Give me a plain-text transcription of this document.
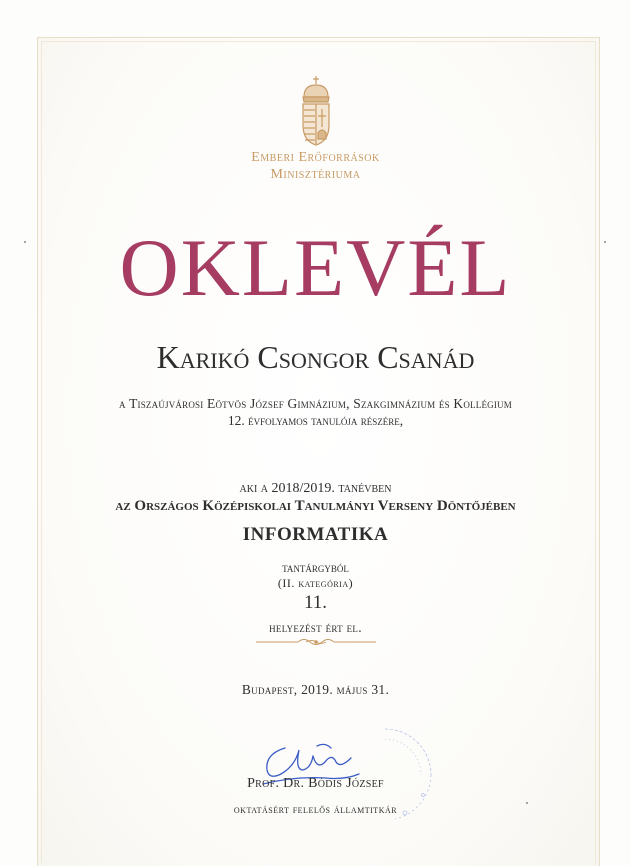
Emberi Erőforrások
Minisztériuma
OKLEVÉL
Karikó Csongor Csanád
a Tiszaújvárosi Eötvös József Gimnázium, Szakgimnázium és Kollégium
12. évfolyamos tanulója részére,
aki a 2018/2019. tanévben
az Országos Középiskolai Tanulmányi Verseny Döntőjében
INFORMATIKA
tantárgyból
(II. kategória)
11.
helyezést ért el.
Budapest, 2019. május 31.
Prof. Dr. Bódis József
oktatásért felelős államtitkár
